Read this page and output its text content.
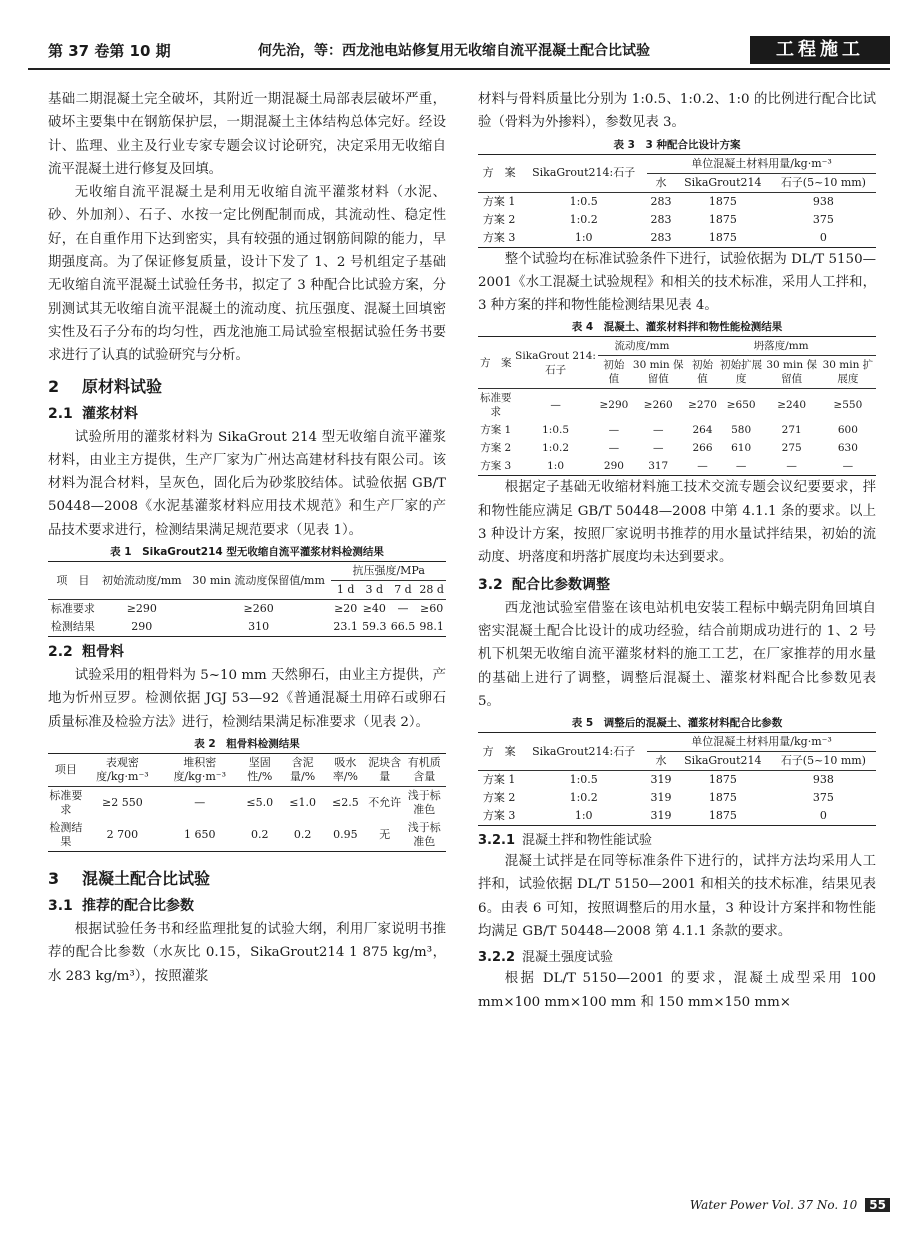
第 37 卷第 10 期	何先治，等：西龙池电站修复用无收缩自流平混凝土配合比试验	工程施工

基础二期混凝土完全破坏，其附近一期混凝土局部表层破坏严重，破坏主要集中在钢筋保护层，一期混凝土主体结构总体完好。经设计、监理、业主及行业专家专题会议讨论研究，决定采用无收缩自流平混凝土进行修复及回填。

无收缩自流平混凝土是利用无收缩自流平灌浆材料（水泥、砂、外加剂）、石子、水按一定比例配制而成，其流动性、稳定性好，在自重作用下达到密实，具有较强的通过钢筋间隙的能力，早期强度高。为了保证修复质量，设计下发了 1、2 号机组定子基础无收缩自流平混凝土试验任务书，拟定了 3 种配合比试验方案，分别测试其无收缩自流平混凝土的流动度、抗压强度、混凝土回填密实性及石子分布的均匀性，西龙池施工局试验室根据试验任务书要求进行了认真的试验研究与分析。

2 原材料试验
2.1 灌浆材料

试验所用的灌浆材料为 SikaGrout 214 型无收缩自流平灌浆材料，由业主方提供，生产厂家为广州达高建材科技有限公司。该材料为混合材料，呈灰色，固化后为砂浆胶结体。试验依据 GB/T 50448—2008《水泥基灌浆材料应用技术规范》和生产厂家的产品技术要求进行，检测结果满足规范要求（见表 1）。

表 1　SikaGrout214 型无收缩自流平灌浆材料检测结果
项　目	初始流动度/mm	30 min 流动度保留值/mm	抗压强度/MPa			
			1 d	3 d	7 d	28 d
标准要求	≥290	≥260	≥20	≥40	—	≥60
检测结果	290	310	23.1	59.3	66.5	98.1
2.2 粗骨料

试验采用的粗骨料为 5~10 mm 天然卵石，由业主方提供，产地为忻州豆罗。检测依据 JGJ 53—92《普通混凝土用碎石或卵石质量标准及检验方法》进行，检测结果满足标准要求（见表 2）。

表 2　粗骨料检测结果
项目	表观密度/kg·m⁻³	堆积密度/kg·m⁻³	坚固性/%	含泥量/%	吸水率/%	泥块含量	有机质含量
标准要求	≥2 550	—	≤5.0	≤1.0	≤2.5	不允许	浅于标准色
检测结果	2 700	1 650	0.2	0.2	0.95	无	浅于标准色
3 混凝土配合比试验
3.1 推荐的配合比参数

根据试验任务书和经监理批复的试验大纲，利用厂家说明书推荐的配合比参数（水灰比 0.15，SikaGrout214 1 875 kg/m³，水 283 kg/m³），按照灌浆

材料与骨料质量比分别为 1:0.5、1:0.2、1:0 的比例进行配合比试验（骨料为外掺料），参数见表 3。

表 3　3 种配合比设计方案
方　案	SikaGrout214:石子	单位混凝土材料用量/kg·m⁻³		
		水	SikaGrout214	石子(5~10 mm)
方案 1	1:0.5	283	1875	938
方案 2	1:0.2	283	1875	375
方案 3	1:0	283	1875	0

整个试验均在标准试验条件下进行，试验依据为 DL/T 5150—2001《水工混凝土试验规程》和相关的技术标准，采用人工拌和，3 种方案的拌和物性能检测结果见表 4。

表 4　混凝土、灌浆材料拌和物性能检测结果
方　案	SikaGrout 214:石子	流动度/mm		坍落度/mm			
		初始值	30 min 保留值	初始值	初始扩展度	30 min 保留值	30 min 扩展度
标准要求	—	≥290	≥260	≥270	≥650	≥240	≥550
方案 1	1:0.5	—	—	264	580	271	600
方案 2	1:0.2	—	—	266	610	275	630
方案 3	1:0	290	317	—	—	—	—

根据定子基础无收缩材料施工技术交流专题会议纪要要求，拌和物性能应满足 GB/T 50448—2008 中第 4.1.1 条的要求。以上 3 种设计方案，按照厂家说明书推荐的用水量试拌结果，初始的流动度、坍落度和坍落扩展度均未达到要求。

3.2 配合比参数调整

西龙池试验室借鉴在该电站机电安装工程标中蜗壳阴角回填自密实混凝土配合比设计的成功经验，结合前期成功进行的 1、2 号机下机架无收缩自流平灌浆材料的施工工艺，在厂家推荐的用水量的基础上进行了调整，调整后混凝土、灌浆材料配合比参数见表 5。

表 5　调整后的混凝土、灌浆材料配合比参数
方　案	SikaGrout214:石子	单位混凝土材料用量/kg·m⁻³		
		水	SikaGrout214	石子(5~10 mm)
方案 1	1:0.5	319	1875	938
方案 2	1:0.2	319	1875	375
方案 3	1:0	319	1875	0
3.2.1 混凝土拌和物性能试验

混凝土试拌是在同等标准条件下进行的，试拌方法均采用人工拌和，试验依据 DL/T 5150—2001 和相关的技术标准，结果见表 6。由表 6 可知，按照调整后的用水量，3 种设计方案拌和物性能均满足 GB/T 50448—2008 第 4.1.1 条款的要求。

3.2.2 混凝土强度试验

根据 DL/T 5150—2001 的要求，混凝土成型采用 100 mm×100 mm×100 mm 和 150 mm×150 mm×

Water Power Vol. 37 No. 10 55
